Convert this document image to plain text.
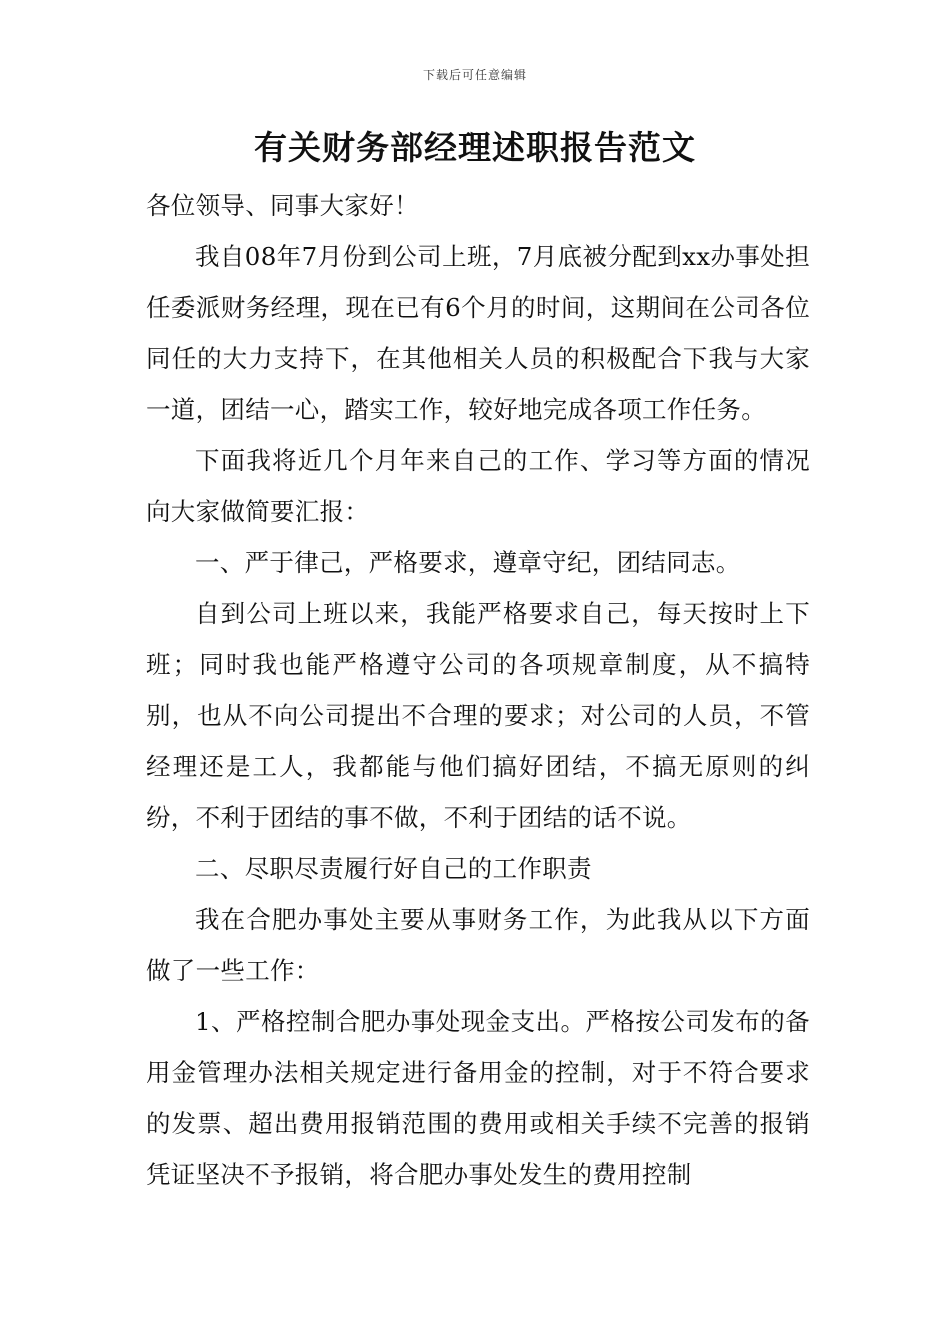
下载后可任意编辑
有关财务部经理述职报告范文

各位领导、同事大家好！

我自08年7月份到公司上班，7月底被分配到xx办事处担任委派财务经理，现在已有6个月的时间，这期间在公司各位同任的大力支持下，在其他相关人员的积极配合下我与大家一道，团结一心，踏实工作，较好地完成各项工作任务。

下面我将近几个月年来自己的工作、学习等方面的情况向大家做简要汇报：

一、严于律己，严格要求，遵章守纪，团结同志。

自到公司上班以来，我能严格要求自己，每天按时上下班；同时我也能严格遵守公司的各项规章制度，从不搞特别，也从不向公司提出不合理的要求；对公司的人员，不管经理还是工人，我都能与他们搞好团结，不搞无原则的纠纷，不利于团结的事不做，不利于团结的话不说。

二、尽职尽责履行好自己的工作职责

我在合肥办事处主要从事财务工作，为此我从以下方面做了一些工作：

1、严格控制合肥办事处现金支出。严格按公司发布的备用金管理办法相关规定进行备用金的控制，对于不符合要求的发票、超出费用报销范围的费用或相关手续不完善的报销凭证坚决不予报销，将合肥办事处发生的费用控制
